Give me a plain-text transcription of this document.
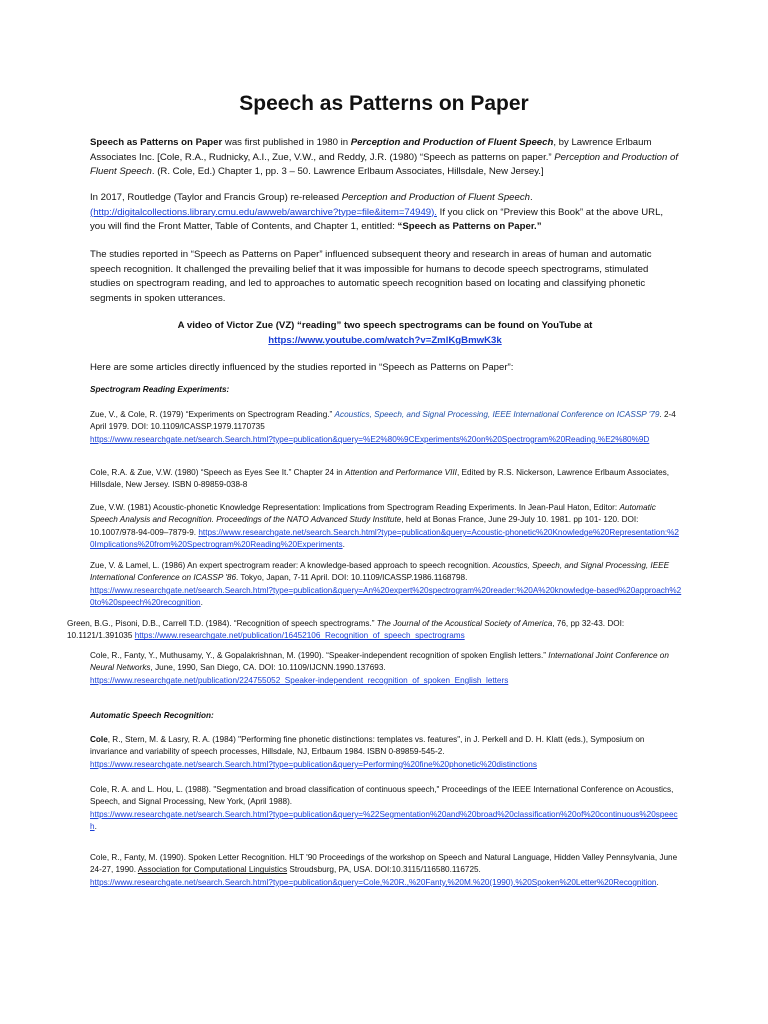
Speech as Patterns on Paper

Speech as Patterns on Paper was first published in 1980 in Perception and Production of Fluent Speech, by Lawrence Erlbaum Associates Inc. [Cole, R.A., Rudnicky, A.I., Zue, V.W., and Reddy, J.R. (1980) “Speech as patterns on paper.” Perception and Production of Fluent Speech. (R. Cole, Ed.) Chapter 1, pp. 3 – 50. Lawrence Erlbaum Associates, Hillsdale, New Jersey.]

In 2017, Routledge (Taylor and Francis Group) re-released Perception and Production of Fluent Speech.
(http://digitalcollections.library.cmu.edu/awweb/awarchive?type=file&item=74949). If you click on “Preview this Book” at the above URL, you will find the Front Matter, Table of Contents, and Chapter 1, entitled: “Speech as Patterns on Paper.”

The studies reported in “Speech as Patterns on Paper” influenced subsequent theory and research in areas of human and automatic speech recognition. It challenged the prevailing belief that it was impossible for humans to decode speech spectrograms, stimulated studies on spectrogram reading, and led to approaches to automatic speech recognition based on locating and classifying phonetic segments in spoken utterances.

A video of Victor Zue (VZ) “reading” two speech spectrograms can be found on YouTube at
https://www.youtube.com/watch?v=ZmlKgBmwK3k

Here are some articles directly influenced by the studies reported in “Speech as Patterns on Paper”:

Spectrogram Reading Experiments:

Zue, V., & Cole, R. (1979) “Experiments on Spectrogram Reading.” Acoustics, Speech, and Signal Processing, IEEE International Conference on ICASSP '79. 2-4 April 1979. DOI: 10.1109/ICASSP.1979.1170735
https://www.researchgate.net/search.Search.html?type=publication&query=%E2%80%9CExperiments%20on%20Spectrogram%20Reading.%E2%80%9D

Cole, R.A. & Zue, V.W. (1980) “Speech as Eyes See It.” Chapter 24 in Attention and Performance VIII, Edited by R.S. Nickerson, Lawrence Erlbaum Associates, Hillsdale, New Jersey. ISBN 0-89859-038-8

Zue, V.W. (1981) Acoustic-phonetic Knowledge Representation: Implications from Spectrogram Reading Experiments. In Jean-Paul Haton, Editor: Automatic Speech Analysis and Recognition. Proceedings of the NATO Advanced Study Institute, held at Bonas France, June 29-July 10. 1981. pp 101- 120. DOI: 10.1007/978-94-009–7879-9. https://www.researchgate.net/search.Search.html?type=publication&query=Acoustic-phonetic%20Knowledge%20Representation:%20Implications%20from%20Spectrogram%20Reading%20Experiments.

Zue, V. & Lamel, L. (1986) An expert spectrogram reader: A knowledge-based approach to speech recognition. Acoustics, Speech, and Signal Processing, IEEE International Conference on ICASSP '86. Tokyo, Japan, 7-11 April. DOI: 10.1109/ICASSP.1986.1168798.
https://www.researchgate.net/search.Search.html?type=publication&query=An%20expert%20spectrogram%20reader:%20A%20knowledge-based%20approach%20to%20speech%20recognition.

Green, B.G., Pisoni, D.B., Carrell T.D. (1984). “Recognition of speech spectrograms.” The Journal of the Acoustical Society of America, 76, pp 32-43. DOI: 10.1121/1.391035 https://www.researchgate.net/publication/16452106_Recognition_of_speech_spectrograms

Cole, R., Fanty, Y., Muthusamy, Y., & Gopalakrishnan, M. (1990). “Speaker-independent recognition of spoken English letters.” International Joint Conference on Neural Networks, June, 1990, San Diego, CA. DOI: 10.1109/IJCNN.1990.137693.
https://www.researchgate.net/publication/224755052_Speaker-independent_recognition_of_spoken_English_letters

Automatic Speech Recognition:

Cole, R., Stern, M. & Lasry, R. A. (1984) "Performing fine phonetic distinctions: templates vs. features", in J. Perkell and D. H. Klatt (eds.), Symposium on invariance and variability of speech processes, Hillsdale, NJ, Erlbaum 1984. ISBN 0-89859-545-2.
https://www.researchgate.net/search.Search.html?type=publication&query=Performing%20fine%20phonetic%20distinctions

Cole, R. A. and L. Hou, L. (1988). "Segmentation and broad classification of continuous speech," Proceedings of the IEEE International Conference on Acoustics, Speech, and Signal Processing, New York, (April 1988).
https://www.researchgate.net/search.Search.html?type=publication&query=%22Segmentation%20and%20broad%20classification%20of%20continuous%20speech.

Cole, R., Fanty, M. (1990). Spoken Letter Recognition. HLT '90 Proceedings of the workshop on Speech and Natural Language, Hidden Valley Pennsylvania, June 24-27, 1990. Association for Computational Linguistics Stroudsburg, PA, USA. DOI:10.3115/116580.116725.
https://www.researchgate.net/search.Search.html?type=publication&query=Cole,%20R.,%20Fanty,%20M.%20(1990).%20Spoken%20Letter%20Recognition.
